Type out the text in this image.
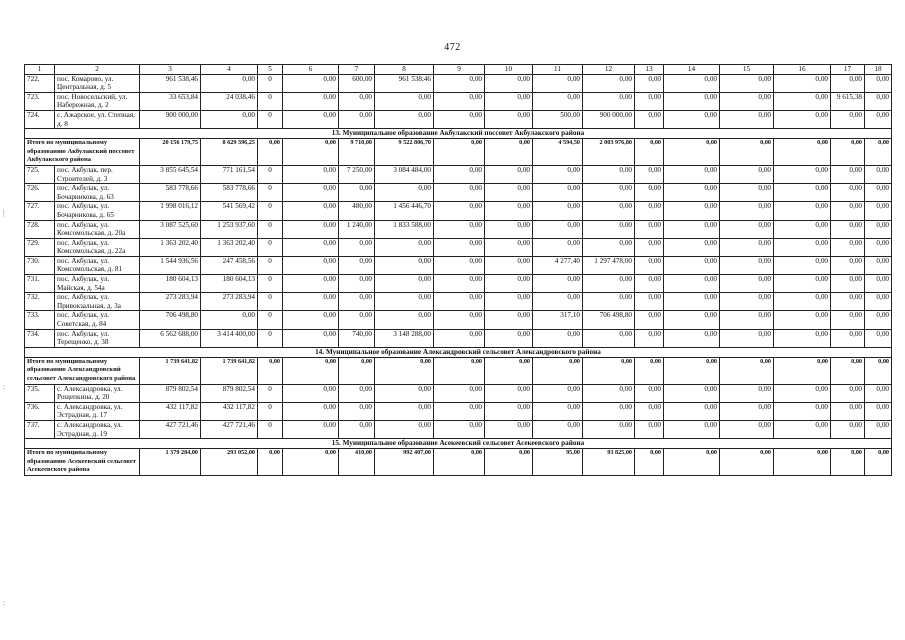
472
1	2	3	4	5	6	7	8	9	10	11	12	13	14	15	16	17	18
722.	пос. Комарово, ул. Центральная, д. 5	961 538,46	0,00	0	0,00	600,00	961 538,46	0,00	0,00	0,00	0,00	0,00	0,00	0,00	0,00	0,00	0,00
723.	пос. Новосельский, ул. Набережная, д. 2	33 653,84	24 038,46	0	0,00	0,00	0,00	0,00	0,00	0,00	0,00	0,00	0,00	0,00	0,00	9 615,38	0,00
724.	с. Ажарское, ул. Степная, д. 8	900 000,00	0,00	0	0,00	0,00	0,00	0,00	0,00	500,00	900 000,00	0,00	0,00	0,00	0,00	0,00	0,00
13. Муниципальное образование Акбулакский поссовет Акбулакского района																	
Итого по муниципальному образованию Акбулакский поссовет Акбулакского района		20 156 179,75	8 629 396,25	0,00	0,00	9 710,00	9 522 806,70	0,00	0,00	4 594,50	2 003 976,80	0,00	0,00	0,00	0,00	0,00	0,00
725.	пос. Акбулак, пер. Строителей, д. 3	3 855 645,54	771 161,54	0	0,00	7 250,00	3 084 484,00	0,00	0,00	0,00	0,00	0,00	0,00	0,00	0,00	0,00	0,00
726.	пос. Акбулак, ул. Бочарникова, д. 63	583 778,66	583 778,66	0	0,00	0,00	0,00	0,00	0,00	0,00	0,00	0,00	0,00	0,00	0,00	0,00	0,00
727.	пос. Акбулак, ул. Бочарникова, д. 65	1 998 016,12	541 569,42	0	0,00	480,00	1 456 446,70	0,00	0,00	0,00	0,00	0,00	0,00	0,00	0,00	0,00	0,00
728.	пос. Акбулак, ул. Комсомольская, д. 20а	3 087 525,60	1 253 937,60	0	0,00	1 240,00	1 833 588,00	0,00	0,00	0,00	0,00	0,00	0,00	0,00	0,00	0,00	0,00
729.	пос. Акбулак, ул. Комсомольская, д. 22а	1 363 202,40	1 363 202,40	0	0,00	0,00	0,00	0,00	0,00	0,00	0,00	0,00	0,00	0,00	0,00	0,00	0,00
730.	пос. Акбулак, ул. Комсомольская, д. 81	1 544 936,56	247 458,56	0	0,00	0,00	0,00	0,00	0,00	4 277,40	1 297 478,00	0,00	0,00	0,00	0,00	0,00	0,00
731.	пос. Акбулак, ул. Майская, д. 54а	180 604,13	180 604,13	0	0,00	0,00	0,00	0,00	0,00	0,00	0,00	0,00	0,00	0,00	0,00	0,00	0,00
732.	пос. Акбулак, ул. Привокзальная, д. 3а	273 283,94	273 283,94	0	0,00	0,00	0,00	0,00	0,00	0,00	0,00	0,00	0,00	0,00	0,00	0,00	0,00
733.	пос. Акбулак, ул. Советская, д. 84	706 498,80	0,00	0	0,00	0,00	0,00	0,00	0,00	317,10	706 498,80	0,00	0,00	0,00	0,00	0,00	0,00
734.	пос. Акбулак, ул. Терещенко, д. 38	6 562 688,00	3 414 400,00	0	0,00	740,00	3 148 288,00	0,00	0,00	0,00	0,00	0,00	0,00	0,00	0,00	0,00	0,00
14. Муниципальное образование Александровский сельсовет Александровского района																	
Итого по муниципальному образованию Александровский сельсовет Александровского района		1 739 641,82	1 739 641,82	0,00	0,00	0,00	0,00	0,00	0,00	0,00	0,00	0,00	0,00	0,00	0,00	0,00	0,00
735.	с. Александровка, ул. Рощепкина, д. 20	879 802,54	879 802,54	0	0,00	0,00	0,00	0,00	0,00	0,00	0,00	0,00	0,00	0,00	0,00	0,00	0,00
736.	с. Александровка, ул. Эстрадная, д. 17	432 117,82	432 117,82	0	0,00	0,00	0,00	0,00	0,00	0,00	0,00	0,00	0,00	0,00	0,00	0,00	0,00
737.	с. Александровка, ул. Эстрадная, д. 19	427 721,46	427 721,46	0	0,00	0,00	0,00	0,00	0,00	0,00	0,00	0,00	0,00	0,00	0,00	0,00	0,00
15. Муниципальное образование Асекеевский сельсовет Асекеевского района																	
Итого по муниципальному образованию Асекеевский сельсовет Асекеевского района		1 379 284,00	293 052,00	0,00	0,00	410,00	992 407,00	0,00	0,00	95,00	93 825,00	0,00	0,00	0,00	0,00	0,00	0,00
|
:
:
